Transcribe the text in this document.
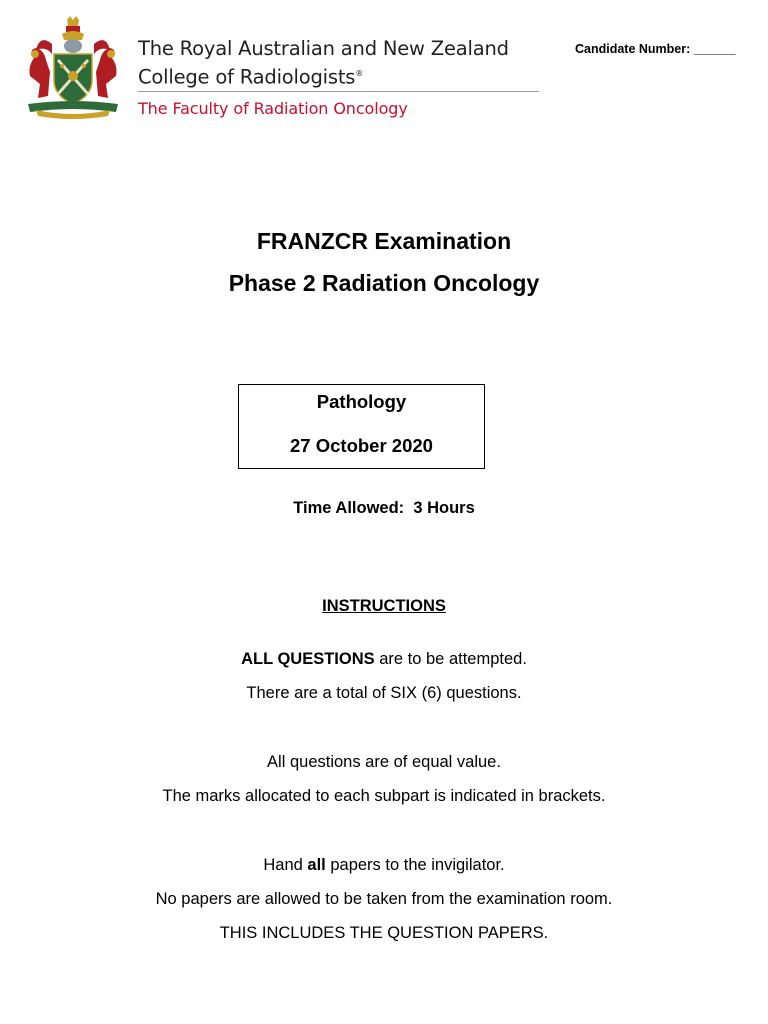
The Royal Australian and New Zealand
College of Radiologists®
The Faculty of Radiation Oncology
Candidate Number: ______
FRANZCR Examination
Phase 2 Radiation Oncology
Pathology
27 October 2020
Time Allowed:  3 Hours
INSTRUCTIONS
ALL QUESTIONS are to be attempted.
There are a total of SIX (6) questions.
All questions are of equal value.
The marks allocated to each subpart is indicated in brackets.
Hand all papers to the invigilator.
No papers are allowed to be taken from the examination room.
THIS INCLUDES THE QUESTION PAPERS.
